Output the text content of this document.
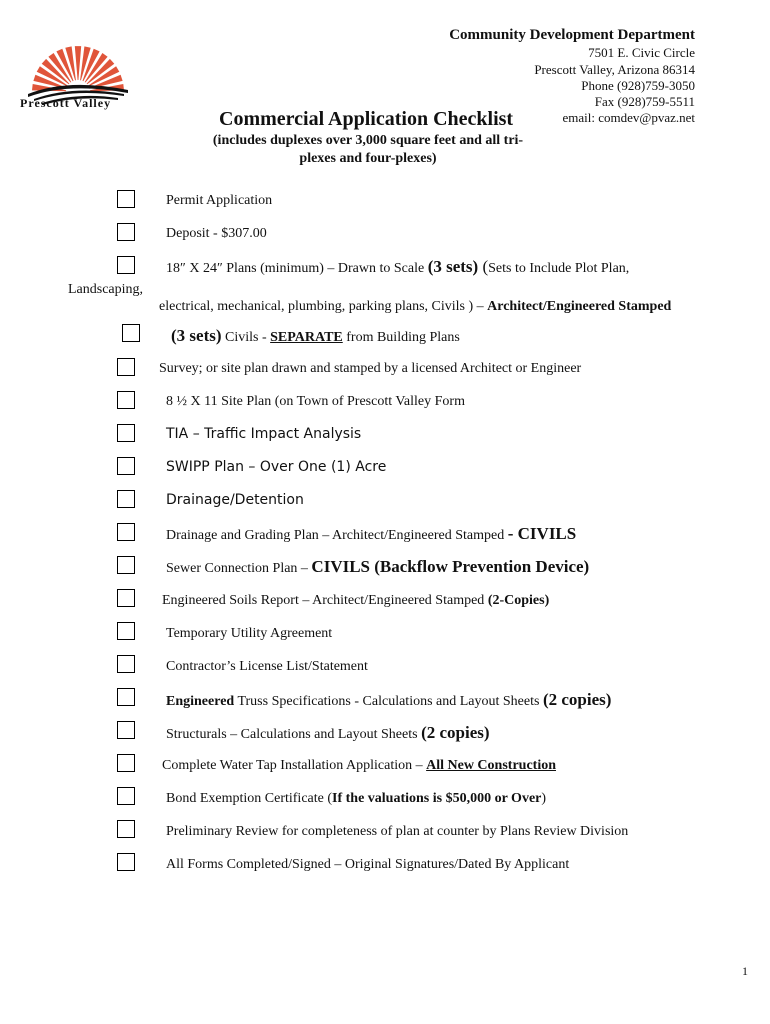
Prescott Valley
Community Development Department
7501 E. Civic Circle
Prescott Valley, Arizona 86314
Phone (928)759-3050
Fax (928)759-5511
email: comdev@pvaz.net
Commercial Application Checklist
(includes duplexes over 3,000 square feet and all tri-plexes and four-plexes)
Permit Application
Deposit - $307.00
18″ X 24″ Plans (minimum) – Drawn to Scale (3 sets) (Sets to Include Plot Plan,
Landscaping,
electrical, mechanical, plumbing, parking plans, Civils ) – Architect/Engineered Stamped
(3 sets) Civils - SEPARATE from Building Plans
Survey; or site plan drawn and stamped by a licensed Architect or Engineer
8 ½ X 11 Site Plan (on Town of Prescott Valley Form
TIA – Traffic Impact Analysis
SWIPP Plan – Over One (1) Acre
Drainage/Detention
Drainage and Grading Plan – Architect/Engineered Stamped - CIVILS
Sewer Connection Plan – CIVILS (Backflow Prevention Device)
Engineered Soils Report – Architect/Engineered Stamped (2-Copies)
Temporary Utility Agreement
Contractor’s License List/Statement
Engineered Truss Specifications - Calculations and Layout Sheets (2 copies)
Structurals – Calculations and Layout Sheets (2 copies)
Complete Water Tap Installation Application – All New Construction
Bond Exemption Certificate (If the valuations is $50,000 or Over)
Preliminary Review for completeness of plan at counter by Plans Review Division
All Forms Completed/Signed – Original Signatures/Dated By Applicant
1
